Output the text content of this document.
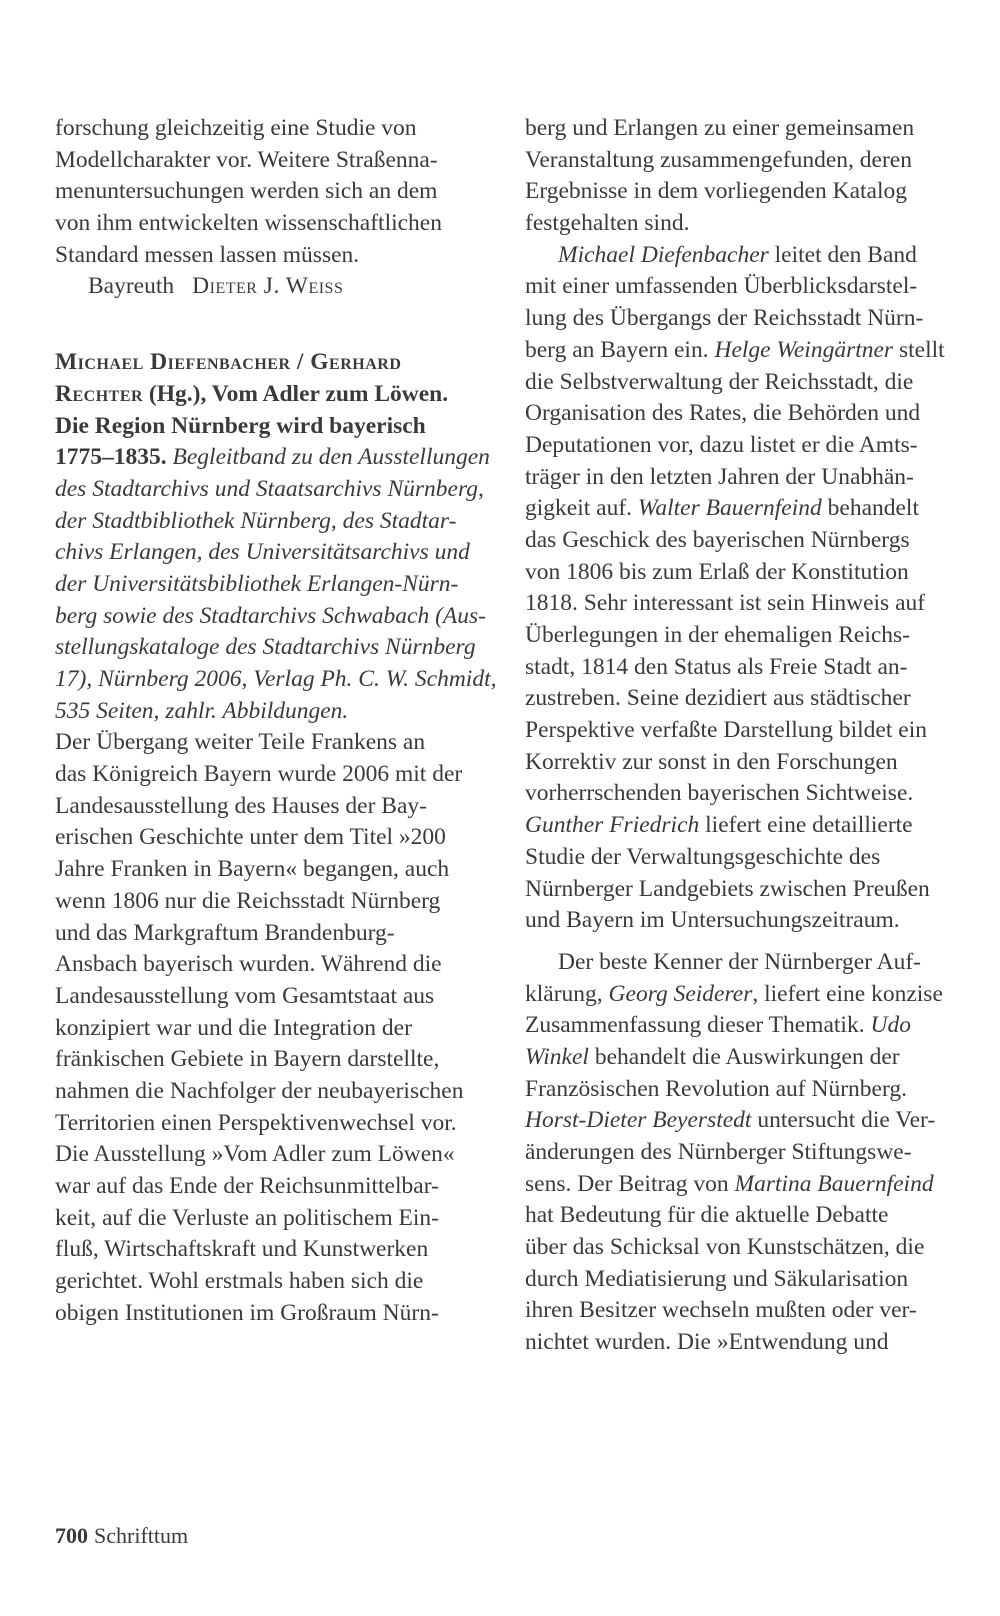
forschung gleichzeitig eine Studie von
Modellcharakter vor. Weitere Straßenna-
menuntersuchungen werden sich an dem
von ihm entwickelten wissenschaftlichen
Standard messen lassen müssen.
Bayreuth Dieter J. Weiss
Michael Diefenbacher / Gerhard
Rechter (Hg.), Vom Adler zum Löwen.
Die Region Nürnberg wird bayerisch
1775–1835. Begleitband zu den Ausstellungen
des Stadtarchivs und Staatsarchivs Nürnberg,
der Stadtbibliothek Nürnberg, des Stadtar-
chivs Erlangen, des Universitätsarchivs und
der Universitätsbibliothek Erlangen-Nürn-
berg sowie des Stadtarchivs Schwabach (Aus-
stellungskataloge des Stadtarchivs Nürnberg
17), Nürnberg 2006, Verlag Ph. C. W. Schmidt,
535 Seiten, zahlr. Abbildungen.
Der Übergang weiter Teile Frankens an
das Königreich Bayern wurde 2006 mit der
Landesausstellung des Hauses der Bay-
erischen Geschichte unter dem Titel »200
Jahre Franken in Bayern« begangen, auch
wenn 1806 nur die Reichsstadt Nürnberg
und das Markgraftum Brandenburg-
Ansbach bayerisch wurden. Während die
Landesausstellung vom Gesamtstaat aus
konzipiert war und die Integration der
fränkischen Gebiete in Bayern darstellte,
nahmen die Nachfolger der neubayerischen
Territorien einen Perspektivenwechsel vor.
Die Ausstellung »Vom Adler zum Löwen«
war auf das Ende der Reichsunmittelbar-
keit, auf die Verluste an politischem Ein-
fluß, Wirtschaftskraft und Kunstwerken
gerichtet. Wohl erstmals haben sich die
obigen Institutionen im Großraum Nürn-
berg und Erlangen zu einer gemeinsamen
Veranstaltung zusammengefunden, deren
Ergebnisse in dem vorliegenden Katalog
festgehalten sind.
Michael Diefenbacher leitet den Band
mit einer umfassenden Überblicksdarstel-
lung des Übergangs der Reichsstadt Nürn-
berg an Bayern ein. Helge Weingärtner stellt
die Selbstverwaltung der Reichsstadt, die
Organisation des Rates, die Behörden und
Deputationen vor, dazu listet er die Amts-
träger in den letzten Jahren der Unabhän-
gigkeit auf. Walter Bauernfeind behandelt
das Geschick des bayerischen Nürnbergs
von 1806 bis zum Erlaß der Konstitution
1818. Sehr interessant ist sein Hinweis auf
Überlegungen in der ehemaligen Reichs-
stadt, 1814 den Status als Freie Stadt an-
zustreben. Seine dezidiert aus städtischer
Perspektive verfaßte Darstellung bildet ein
Korrektiv zur sonst in den Forschungen
vorherrschenden bayerischen Sichtweise.
Gunther Friedrich liefert eine detaillierte
Studie der Verwaltungsgeschichte des
Nürnberger Landgebiets zwischen Preußen
und Bayern im Untersuchungszeitraum.
Der beste Kenner der Nürnberger Auf-
klärung, Georg Seiderer, liefert eine konzise
Zusammenfassung dieser Thematik. Udo
Winkel behandelt die Auswirkungen der
Französischen Revolution auf Nürnberg.
Horst-Dieter Beyerstedt untersucht die Ver-
änderungen des Nürnberger Stiftungswe-
sens. Der Beitrag von Martina Bauernfeind
hat Bedeutung für die aktuelle Debatte
über das Schicksal von Kunstschätzen, die
durch Mediatisierung und Säkularisation
ihren Besitzer wechseln mußten oder ver-
nichtet wurden. Die »Entwendung und
700 Schrifttum
